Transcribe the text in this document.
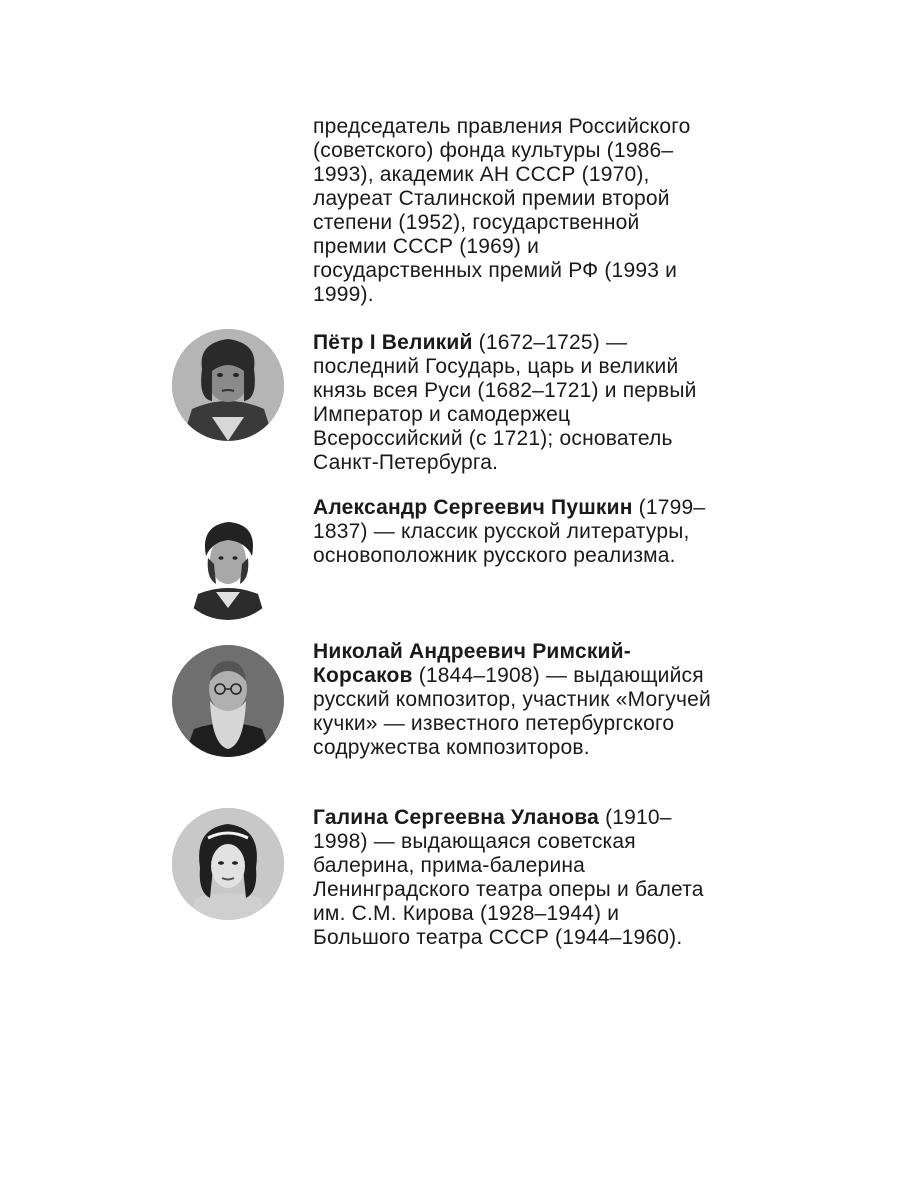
председатель правления Российского (советского) фонда культуры (1986–1993), академик АН СССР (1970), лауреат Сталинской премии второй степени (1952), государственной премии СССР (1969) и государственных премий РФ (1993 и 1999).
Пётр I Великий (1672–1725) — последний Государь, царь и великий князь всея Руси (1682–1721) и первый Император и самодержец Всероссийский (с 1721); основатель Санкт-Петербурга.
Александр Сергеевич Пушкин (1799–1837) — классик русской литературы, основоположник русского реализма.
Николай Андреевич Римский-Корсаков (1844–1908) — выдающийся русский композитор, участник «Могучей кучки» — известного петербургского содружества композиторов.
Галина Сергеевна Уланова (1910–1998) — выдающаяся советская балерина, прима-балерина Ленинградского театра оперы и балета им. С.М. Кирова (1928–1944) и Большого театра СССР (1944–1960).
